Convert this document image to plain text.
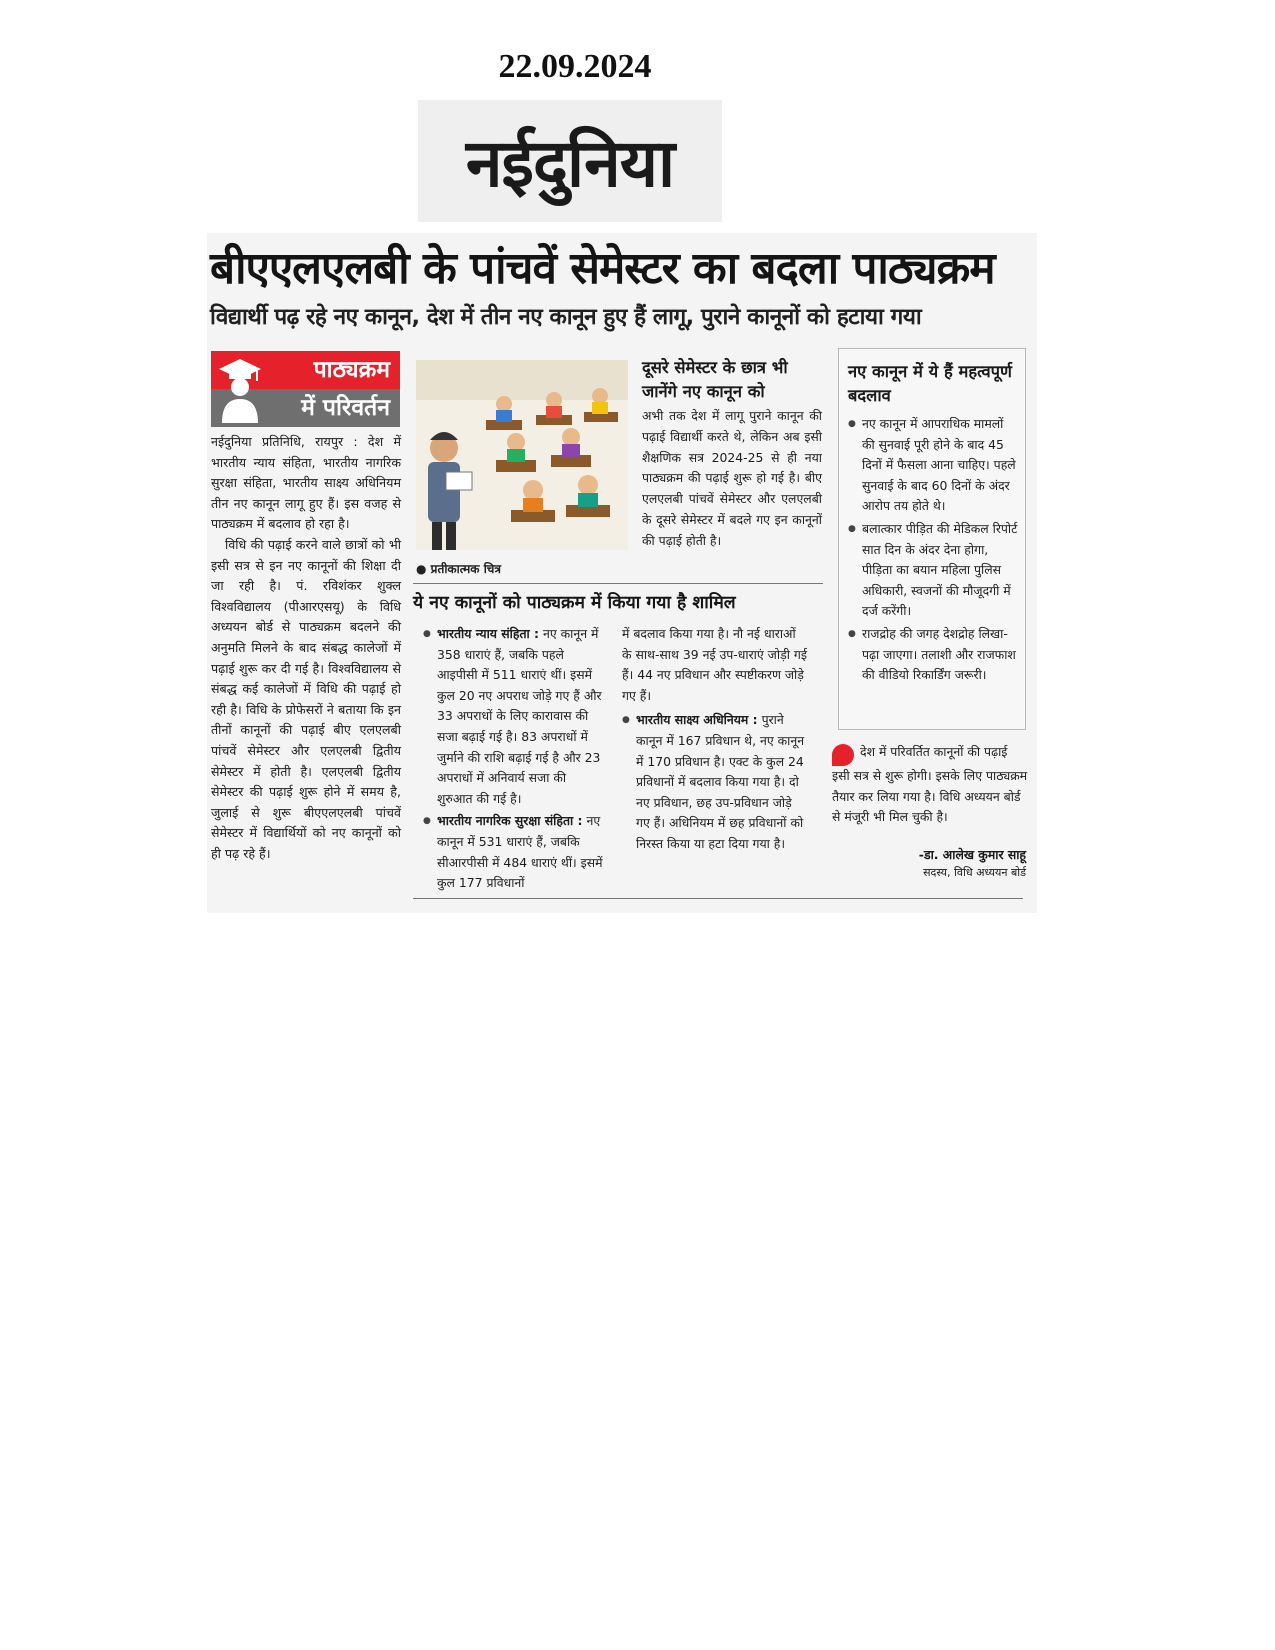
22.09.2024
नईदुनिया
बीएएलएलबी के पांचवें सेमेस्टर का बदला पाठ्यक्रम
विद्यार्थी पढ़ रहे नए कानून, देश में तीन नए कानून हुए हैं लागू, पुराने कानूनों को हटाया गया
पाठ्यक्रम
में परिवर्तन

नईदुनिया प्रतिनिधि, रायपुर : देश में भारतीय न्याय संहिता, भारतीय नागरिक सुरक्षा संहिता, भारतीय साक्ष्य अधिनियम तीन नए कानून लागू हुए हैं। इस वजह से पाठ्यक्रम में बदलाव हो रहा है।

विधि की पढ़ाई करने वाले छात्रों को भी इसी सत्र से इन नए कानूनों की शिक्षा दी जा रही है। पं. रविशंकर शुक्ल विश्वविद्यालय (पीआरएसयू) के विधि अध्ययन बोर्ड से पाठ्यक्रम बदलने की अनुमति मिलने के बाद संबद्ध कालेजों में पढ़ाई शुरू कर दी गई है। विश्वविद्यालय से संबद्ध कई कालेजों में विधि की पढ़ाई हो रही है। विधि के प्रोफेसरों ने बताया कि इन तीनों कानूनों की पढ़ाई बीए एलएलबी पांचवें सेमेस्टर और एलएलबी द्वितीय सेमेस्टर में होती है। एलएलबी द्वितीय सेमेस्टर की पढ़ाई शुरू होने में समय है, जुलाई से शुरू बीएएलएलबी पांचवें सेमेस्टर में विद्यार्थियों को नए कानूनों को ही पढ़ रहे हैं।

● प्रतीकात्मक चित्र
दूसरे सेमेस्टर के छात्र भी जानेंगे नए कानून को

अभी तक देश में लागू पुराने कानून की पढ़ाई विद्यार्थी करते थे, लेकिन अब इसी शैक्षणिक सत्र 2024-25 से ही नया पाठ्यक्रम की पढ़ाई शुरू हो गई है। बीए एलएलबी पांचवें सेमेस्टर और एलएलबी के दूसरे सेमेस्टर में बदले गए इन कानूनों की पढ़ाई होती है।

ये नए कानूनों को पाठ्यक्रम में किया गया है शामिल
● भारतीय न्याय संहिता : नए कानून में 358 धाराएं हैं, जबकि पहले आइपीसी में 511 धाराएं थीं। इसमें कुल 20 नए अपराध जोड़े गए हैं और 33 अपराधों के लिए कारावास की सजा बढ़ाई गई है। 83 अपराधों में जुर्माने की राशि बढ़ाई गई है और 23 अपराधों में अनिवार्य सजा की शुरुआत की गई है।
● भारतीय नागरिक सुरक्षा संहिता : नए कानून में 531 धाराएं हैं, जबकि सीआरपीसी में 484 धाराएं थीं। इसमें कुल 177 प्रविधानों
में बदलाव किया गया है। नौ नई धाराओं के साथ-साथ 39 नई उप-धाराएं जोड़ी गई हैं। 44 नए प्रविधान और स्पष्टीकरण जोड़े गए हैं।
● भारतीय साक्ष्य अधिनियम : पुराने कानून में 167 प्रविधान थे, नए कानून में 170 प्रविधान है। एक्ट के कुल 24 प्रविधानों में बदलाव किया गया है। दो नए प्रविधान, छह उप-प्रविधान जोड़े गए हैं। अधिनियम में छह प्रविधानों को निरस्त किया या हटा दिया गया है।
नए कानून में ये हैं महत्वपूर्ण बदलाव
● नए कानून में आपराधिक मामलों की सुनवाई पूरी होने के बाद 45 दिनों में फैसला आना चाहिए। पहले सुनवाई के बाद 60 दिनों के अंदर आरोप तय होते थे।
● बलात्कार पीड़ित की मेडिकल रिपोर्ट सात दिन के अंदर देना होगा, पीड़िता का बयान महिला पुलिस अधिकारी, स्वजनों की मौजूदगी में दर्ज करेंगी।
● राजद्रोह की जगह देशद्रोह लिखा-पढ़ा जाएगा। तलाशी और राजफाश की वीडियो रिकार्डिंग जरूरी।
देश में परिवर्तित कानूनों की पढ़ाई इसी सत्र से शुरू होगी। इसके लिए पाठ्यक्रम तैयार कर लिया गया है। विधि अध्ययन बोर्ड से मंजूरी भी मिल चुकी है।
-डा. आलेख कुमार साहू
सदस्य, विधि अध्ययन बोर्ड
